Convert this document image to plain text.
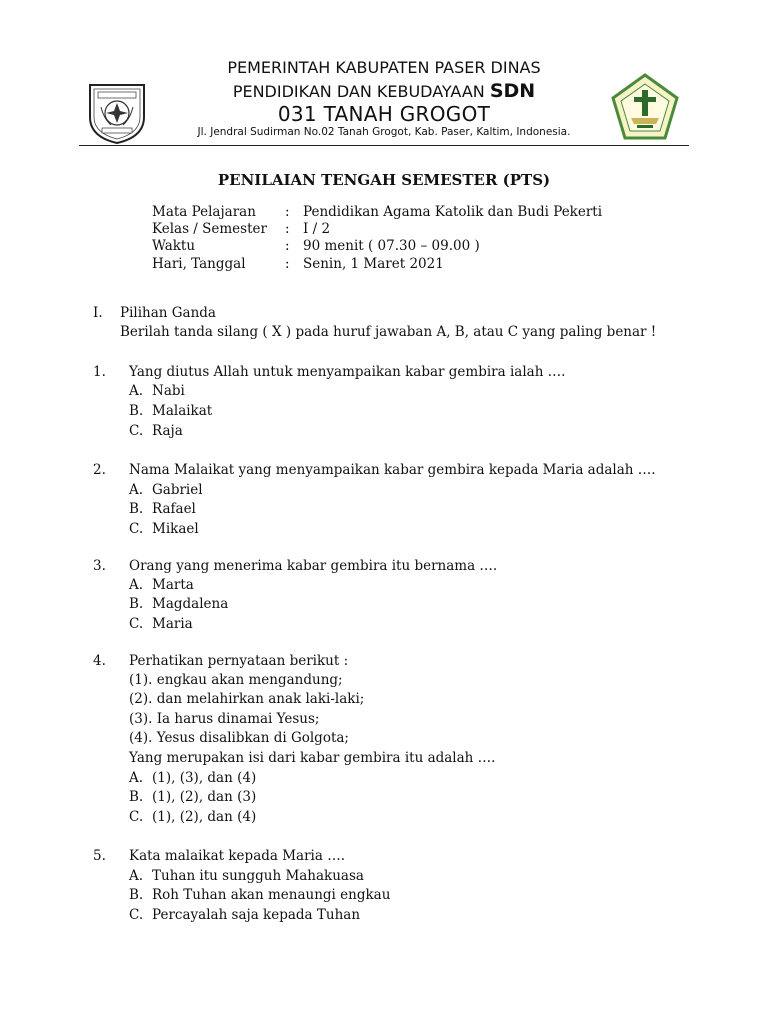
PEMERINTAH KABUPATEN PASER DINAS
PENDIDIKAN DAN KEBUDAYAAN SDN
031 TANAH GROGOT
Jl. Jendral Sudirman No.02 Tanah Grogot, Kab. Paser, Kaltim, Indonesia.
PENILAIAN TENGAH SEMESTER (PTS)
Mata Pelajaran : Pendidikan Agama Katolik dan Budi Pekerti
Kelas / Semester : I / 2
Waktu	: 90 menit ( 07.30 – 09.00 )
Hari, Tanggal	: Senin, 1 Maret 2021
I. Pilihan Ganda
Berilah tanda silang ( X ) pada huruf jawaban A, B, atau C yang paling benar !
1. Yang diutus Allah untuk menyampaikan kabar gembira ialah ….
A. Nabi
B. Malaikat
C. Raja
2. Nama Malaikat yang menyampaikan kabar gembira kepada Maria adalah ….
A. Gabriel
B. Rafael
C. Mikael
3. Orang yang menerima kabar gembira itu bernama ….
A. Marta
B. Magdalena
C. Maria
4. Perhatikan pernyataan berikut :
(1). engkau akan mengandung;
(2). dan melahirkan anak laki-laki;
(3). Ia harus dinamai Yesus;
(4). Yesus disalibkan di Golgota;
Yang merupakan isi dari kabar gembira itu adalah ….
A. (1), (3), dan (4)
B. (1), (2), dan (3)
C. (1), (2), dan (4)
5. Kata malaikat kepada Maria ….
A. Tuhan itu sungguh Mahakuasa
B. Roh Tuhan akan menaungi engkau
C. Percayalah saja kepada Tuhan
